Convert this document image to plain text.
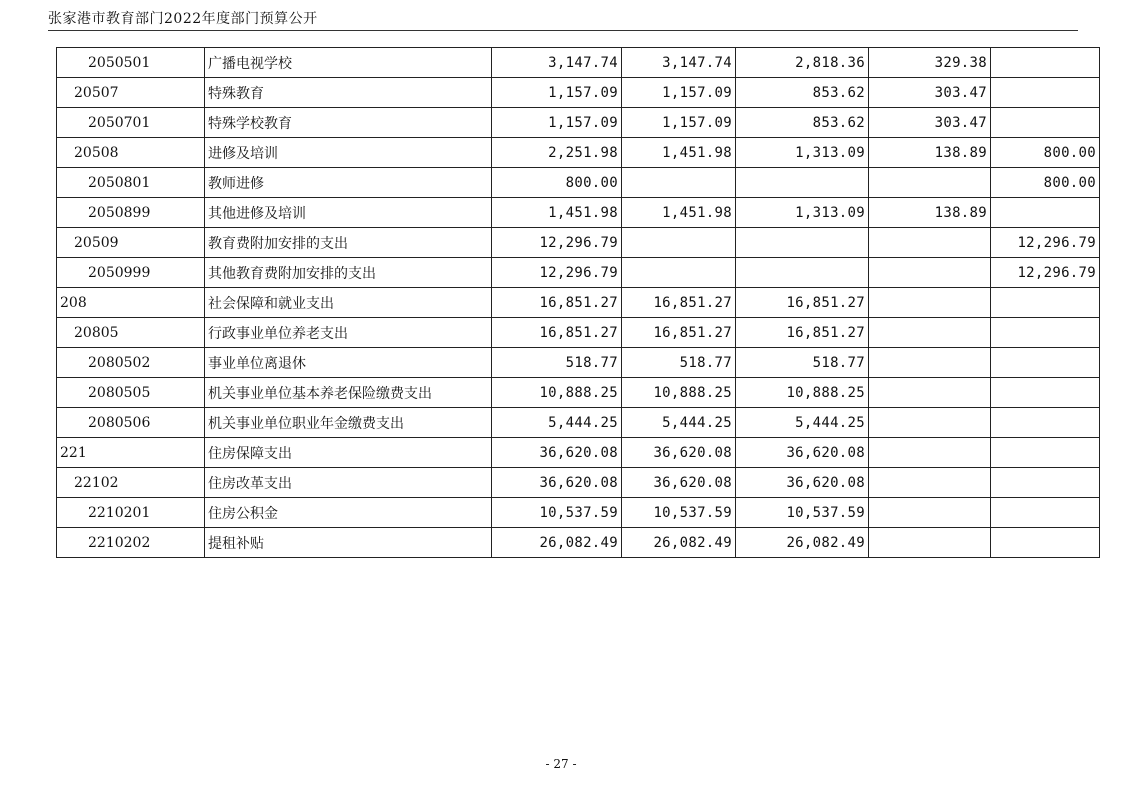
张家港市教育部门2022年度部门预算公开
2050501	广播电视学校	3,147.74	3,147.74	2,818.36	329.38	
20507	特殊教育	1,157.09	1,157.09	853.62	303.47	
2050701	特殊学校教育	1,157.09	1,157.09	853.62	303.47	
20508	进修及培训	2,251.98	1,451.98	1,313.09	138.89	800.00
2050801	教师进修	800.00				800.00
2050899	其他进修及培训	1,451.98	1,451.98	1,313.09	138.89	
20509	教育费附加安排的支出	12,296.79				12,296.79
2050999	其他教育费附加安排的支出	12,296.79				12,296.79
208	社会保障和就业支出	16,851.27	16,851.27	16,851.27		
20805	行政事业单位养老支出	16,851.27	16,851.27	16,851.27		
2080502	事业单位离退休	518.77	518.77	518.77		
2080505	机关事业单位基本养老保险缴费支出	10,888.25	10,888.25	10,888.25		
2080506	机关事业单位职业年金缴费支出	5,444.25	5,444.25	5,444.25		
221	住房保障支出	36,620.08	36,620.08	36,620.08		
22102	住房改革支出	36,620.08	36,620.08	36,620.08		
2210201	住房公积金	10,537.59	10,537.59	10,537.59		
2210202	提租补贴	26,082.49	26,082.49	26,082.49		
- 27 -
